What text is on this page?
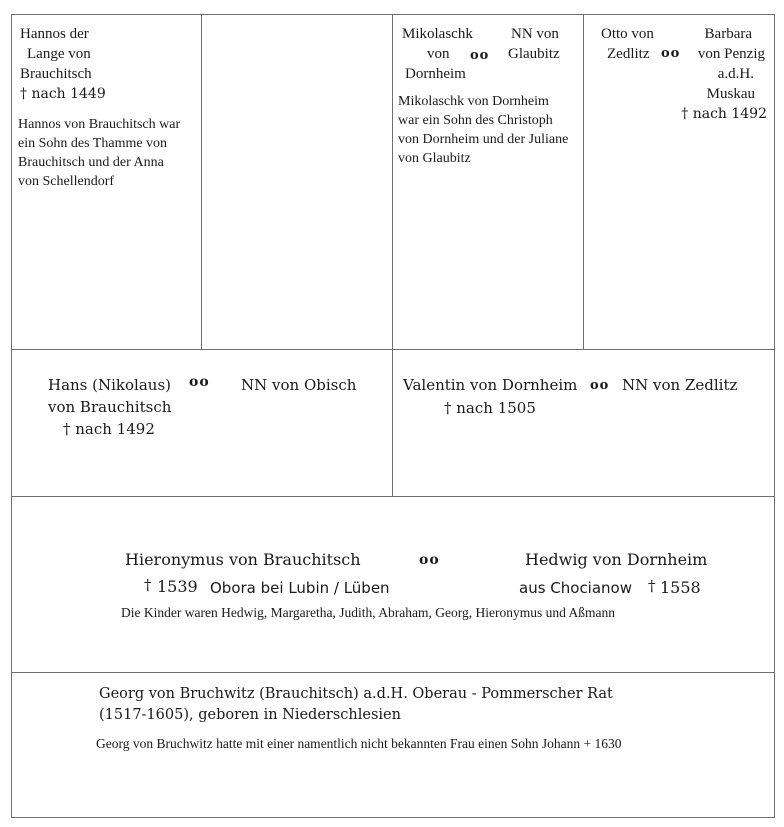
Hannos der
Lange von
Brauchitsch
† nach 1449
Hannos von Brauchitsch war
ein Sohn des Thamme von
Brauchitsch und der Anna
von Schellendorf
Mikolaschk
von
Dornheim
oo
NN von
Glaubitz
Mikolaschk von Dornheim
war ein Sohn des Christoph
von Dornheim und der Juliane
von Glaubitz
Otto von
Zedlitz oo
Barbara
von Penzig
a.d.H.
Muskau
† nach 1492
Hans (Nikolaus)
von Brauchitsch
† nach 1492
oo NN von Obisch	Valentin von Dornheim
† nach 1505
oo NN von Zedlitz
Hieronymus von Brauchitsch
† 1539 Obora bei Lubin / Lüben
oo	Hedwig von Dornheim
aus Chocianow † 1558
Die Kinder waren Hedwig, Margaretha, Judith, Abraham, Georg, Hieronymus und Aßmann
Georg von Bruchwitz (Brauchitsch) a.d.H. Oberau - Pommerscher Rat
(1517-1605), geboren in Niederschlesien
Georg von Bruchwitz hatte mit einer namentlich nicht bekannten Frau einen Sohn Johann + 1630
